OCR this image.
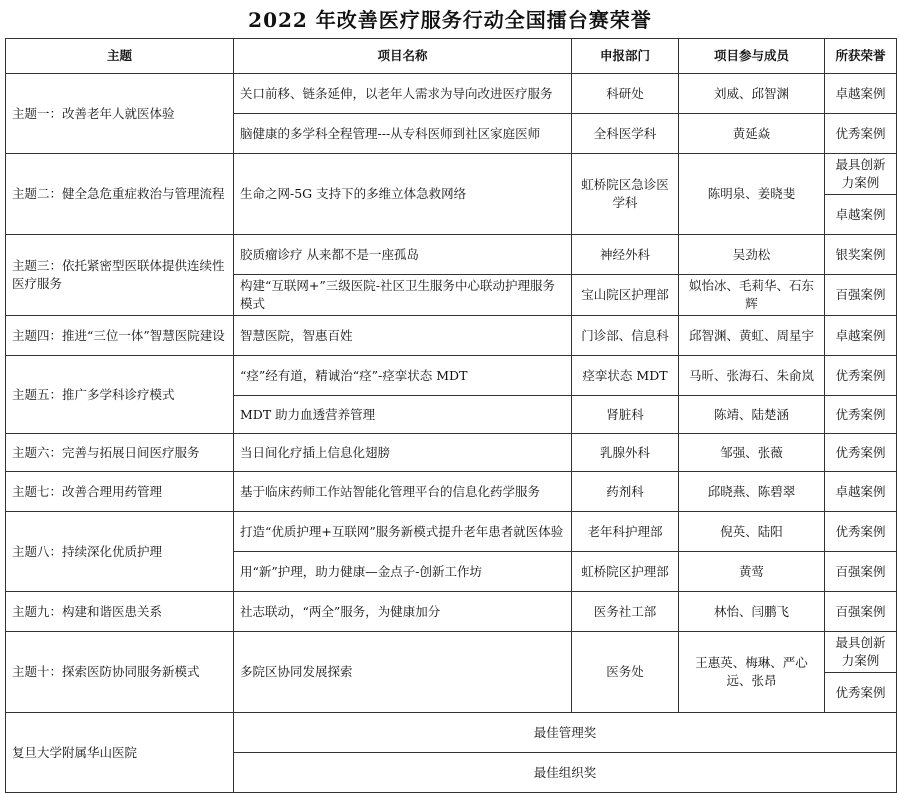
2022 年改善医疗服务行动全国擂台赛荣誉
主题	项目名称	申报部门	项目参与成员	所获荣誉
主题一：改善老年人就医体验	关口前移、链条延伸，以老年人需求为导向改进医疗服务	科研处	刘威、邱智渊	卓越案例
	脑健康的多学科全程管理---从专科医师到社区家庭医师	全科医学科	黄延焱	优秀案例
主题二：健全急危重症救治与管理流程	生命之网-5G 支持下的多维立体急救网络	虹桥院区急诊医学科	陈明泉、姜晓斐	最具创新力案例
				卓越案例
主题三：依托紧密型医联体提供连续性医疗服务	胶质瘤诊疗 从来都不是一座孤岛	神经外科	吴劲松	银奖案例
	构建“互联网+”三级医院-社区卫生服务中心联动护理服务模式	宝山院区护理部	姒怡冰、毛莉华、石东辉	百强案例
主题四：推进“三位一体”智慧医院建设	智慧医院，智惠百姓	门诊部、信息科	邱智渊、黄虹、周星宇	卓越案例
主题五：推广多学科诊疗模式	“痉”经有道，精诚治“痉”-痉挛状态 MDT	痉挛状态 MDT	马昕、张海石、朱俞岚	优秀案例
	MDT 助力血透营养管理	肾脏科	陈靖、陆楚涵	优秀案例
主题六：完善与拓展日间医疗服务	当日间化疗插上信息化翅膀	乳腺外科	邹强、张薇	优秀案例
主题七：改善合理用药管理	基于临床药师工作站智能化管理平台的信息化药学服务	药剂科	邱晓燕、陈碧翠	卓越案例
主题八：持续深化优质护理	打造“优质护理+互联网”服务新模式提升老年患者就医体验	老年科护理部	倪英、陆阳	优秀案例
	用“新”护理，助力健康—金点子-创新工作坊	虹桥院区护理部	黄莺	百强案例
主题九：构建和谐医患关系	社志联动，“两全”服务，为健康加分	医务社工部	林怡、闫鹏飞	百强案例
主题十：探索医防协同服务新模式	多院区协同发展探索	医务处	王惠英、梅琳、严心远、张昂	最具创新力案例
				优秀案例
复旦大学附属华山医院	最佳管理奖			
	最佳组织奖			
